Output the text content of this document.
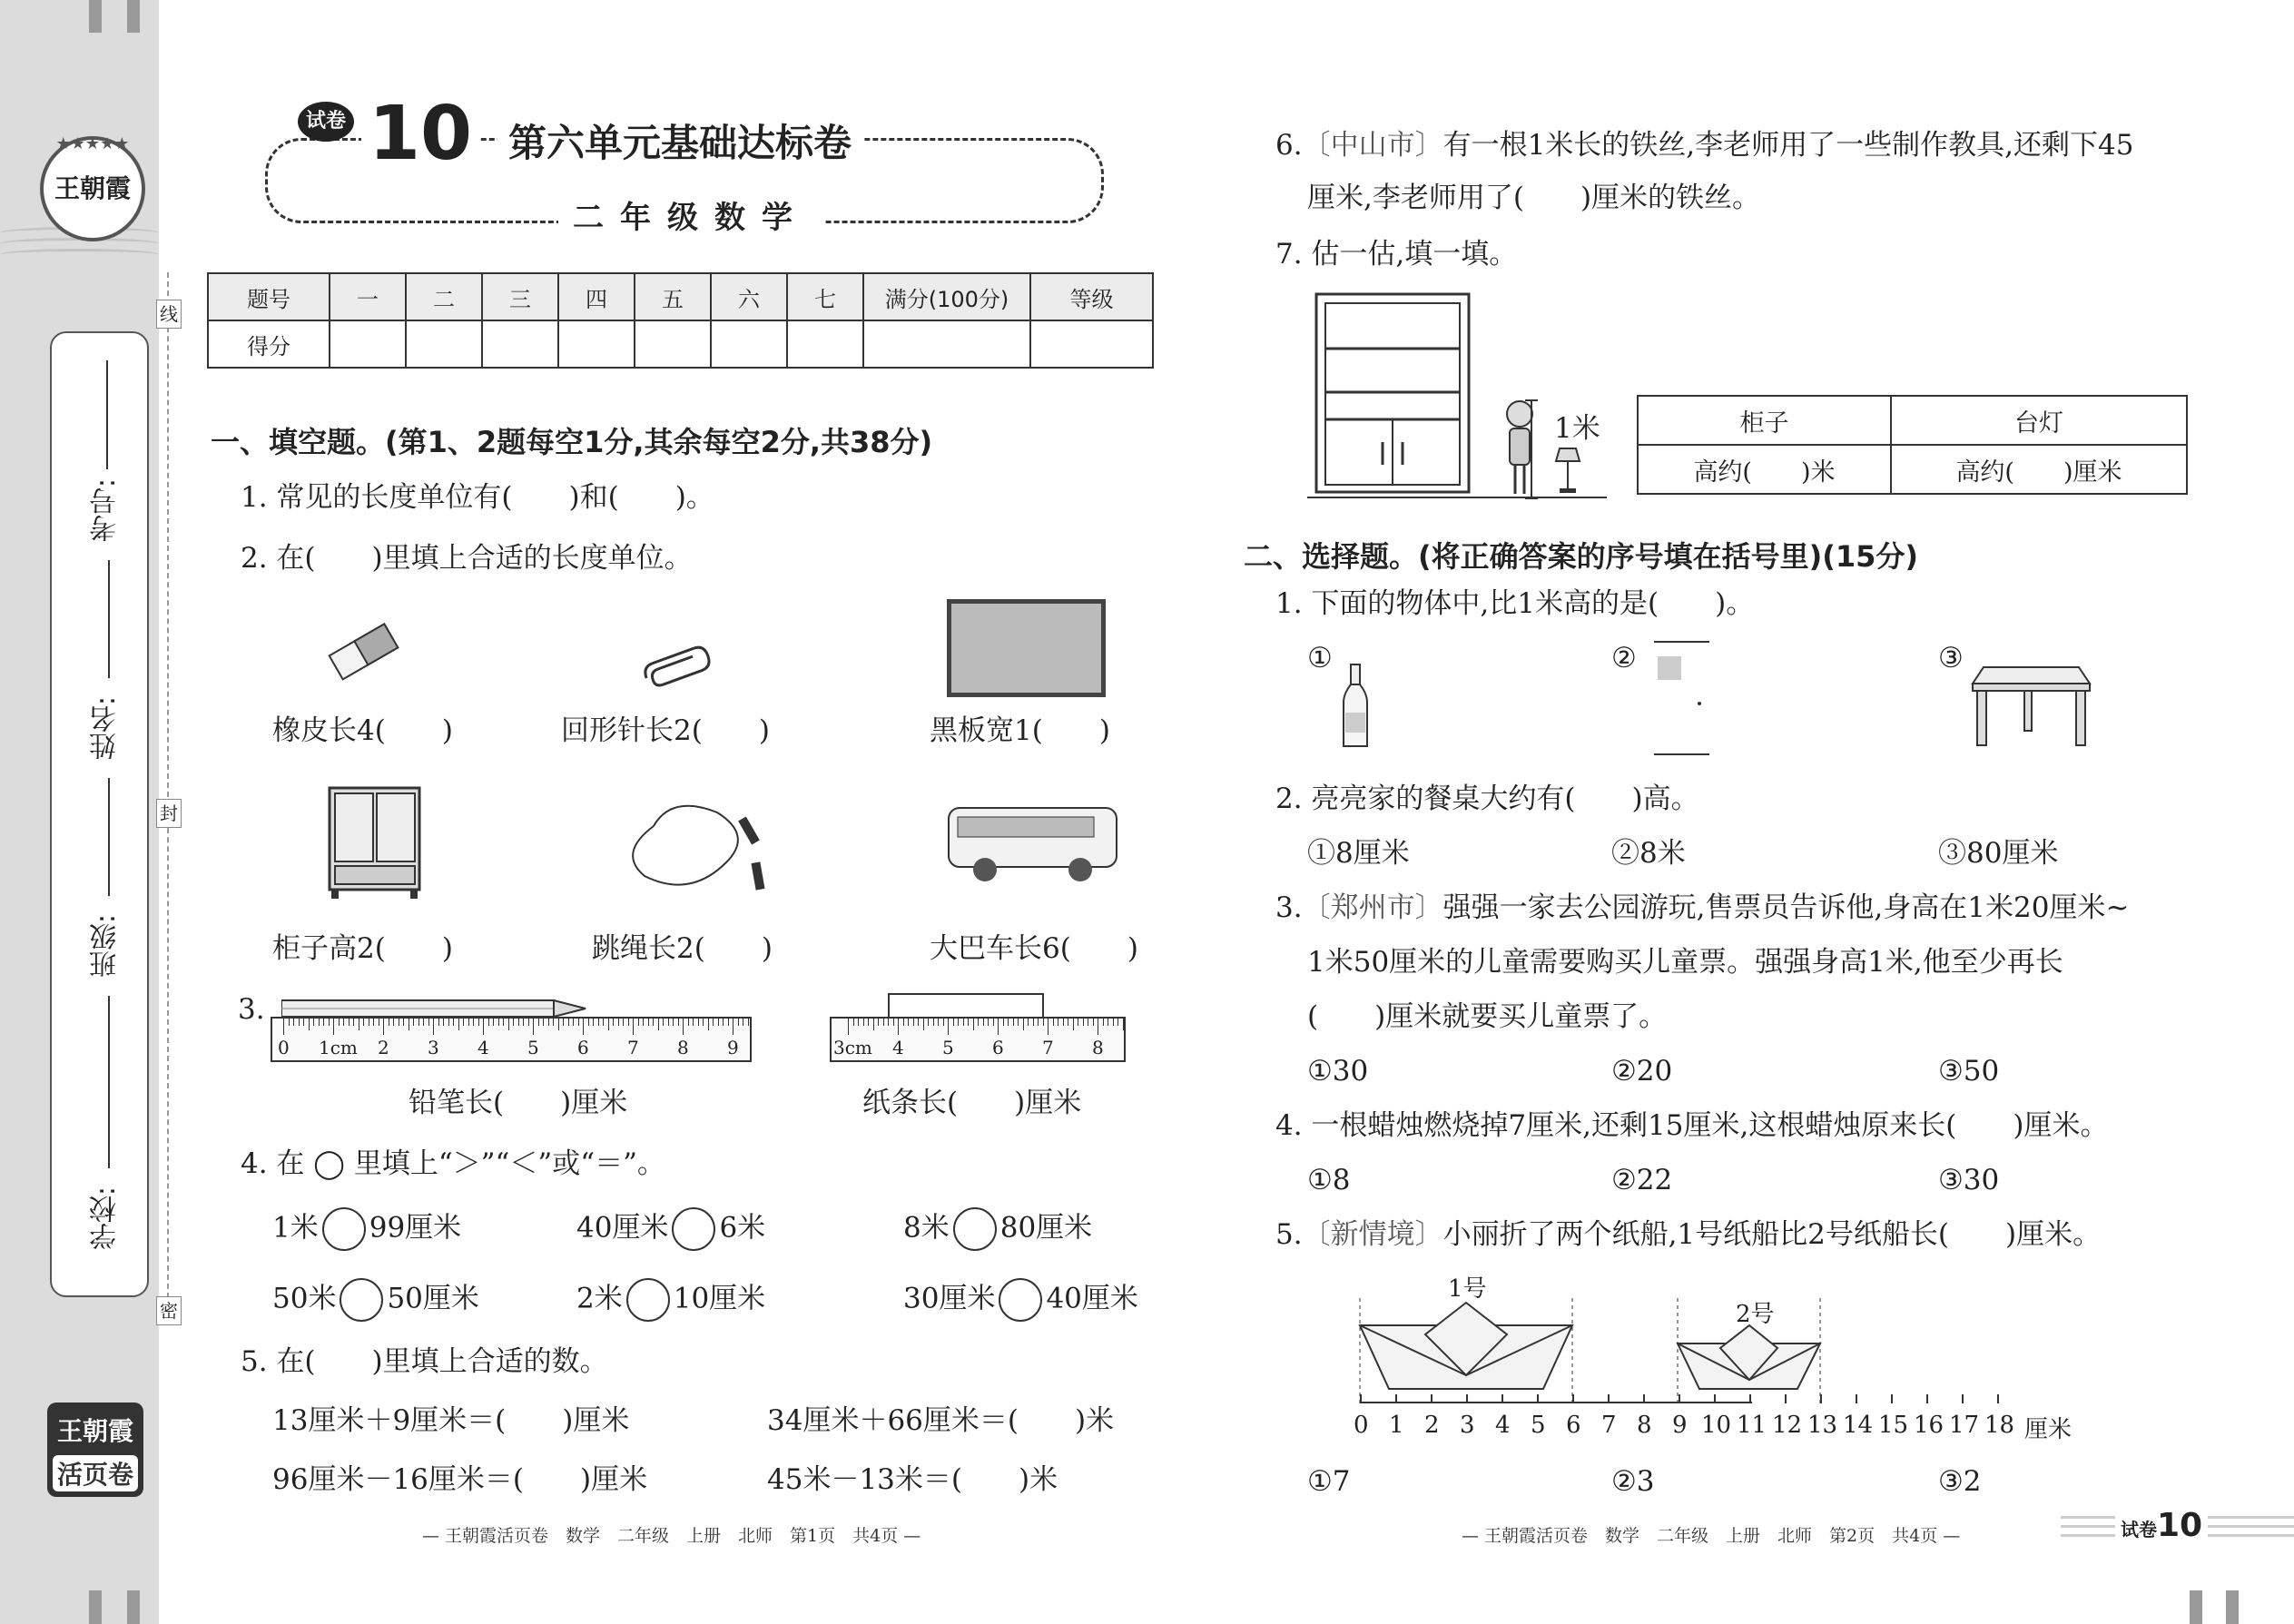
★★★★★
王朝霞
考号:
姓名:
班级:
学校:
线
封
密
王朝霞
活页卷
试卷 10 第六单元基础达标卷
二年级数学
题号	一	二	三	四	五	六	七	满分(100分)	等级
得分									
一、填空题。(第1、2题每空1分,其余每空2分,共38分)
1. 常见的长度单位有(　　)和(　　)。
2. 在(　　)里填上合适的长度单位。
橡皮长4(　　)	回形针长2(　　)	黑板宽1(　　)
柜子高2(　　)	跳绳长2(　　)	大巴车长6(　　)
3.
0 1cm 2 3 4 5 6 7 8 9	3cm 4 5 6 7 8
铅笔长(　　)厘米	纸条长(　　)厘米
4. 在 ◯ 里填上“＞”“＜”或“＝”。
1米 99厘米	40厘米 6米	8米 80厘米
50米 50厘米	2米 10厘米	30厘米 40厘米
5. 在(　　)里填上合适的数。
13厘米＋9厘米＝(　　)厘米	34厘米＋66厘米＝(　　)米
96厘米－16厘米＝(　　)厘米	45米－13米＝(　　)米
— 王朝霞活页卷　数学　二年级　上册　北师　第1页　共4页 —
6.〔中山市〕有一根1米长的铁丝,李老师用了一些制作教具,还剩下45
厘米,李老师用了(　　)厘米的铁丝。
7. 估一估,填一填。
1米	柜子	台灯
高约(　　)米	高约(　　)厘米
二、选择题。(将正确答案的序号填在括号里)(15分)
1. 下面的物体中,比1米高的是(　　)。
①	②	③
2. 亮亮家的餐桌大约有(　　)高。
①8厘米	②8米	③80厘米
3.〔郑州市〕强强一家去公园游玩,售票员告诉他,身高在1米20厘米~
1米50厘米的儿童需要购买儿童票。强强身高1米,他至少再长
(　　)厘米就要买儿童票了。
①30	②20	③50
4. 一根蜡烛燃烧掉7厘米,还剩15厘米,这根蜡烛原来长(　　)厘米。
①8	②22	③30
5.〔新情境〕小丽折了两个纸船,1号纸船比2号纸船长(　　)厘米。
1号
2号
0 1 2 3 4 5 6 7 8 9 10 11 12 13 14 15 16 17 18 厘米
①7	②3	③2
— 王朝霞活页卷　数学　二年级　上册　北师　第2页　共4页 —	试卷10
